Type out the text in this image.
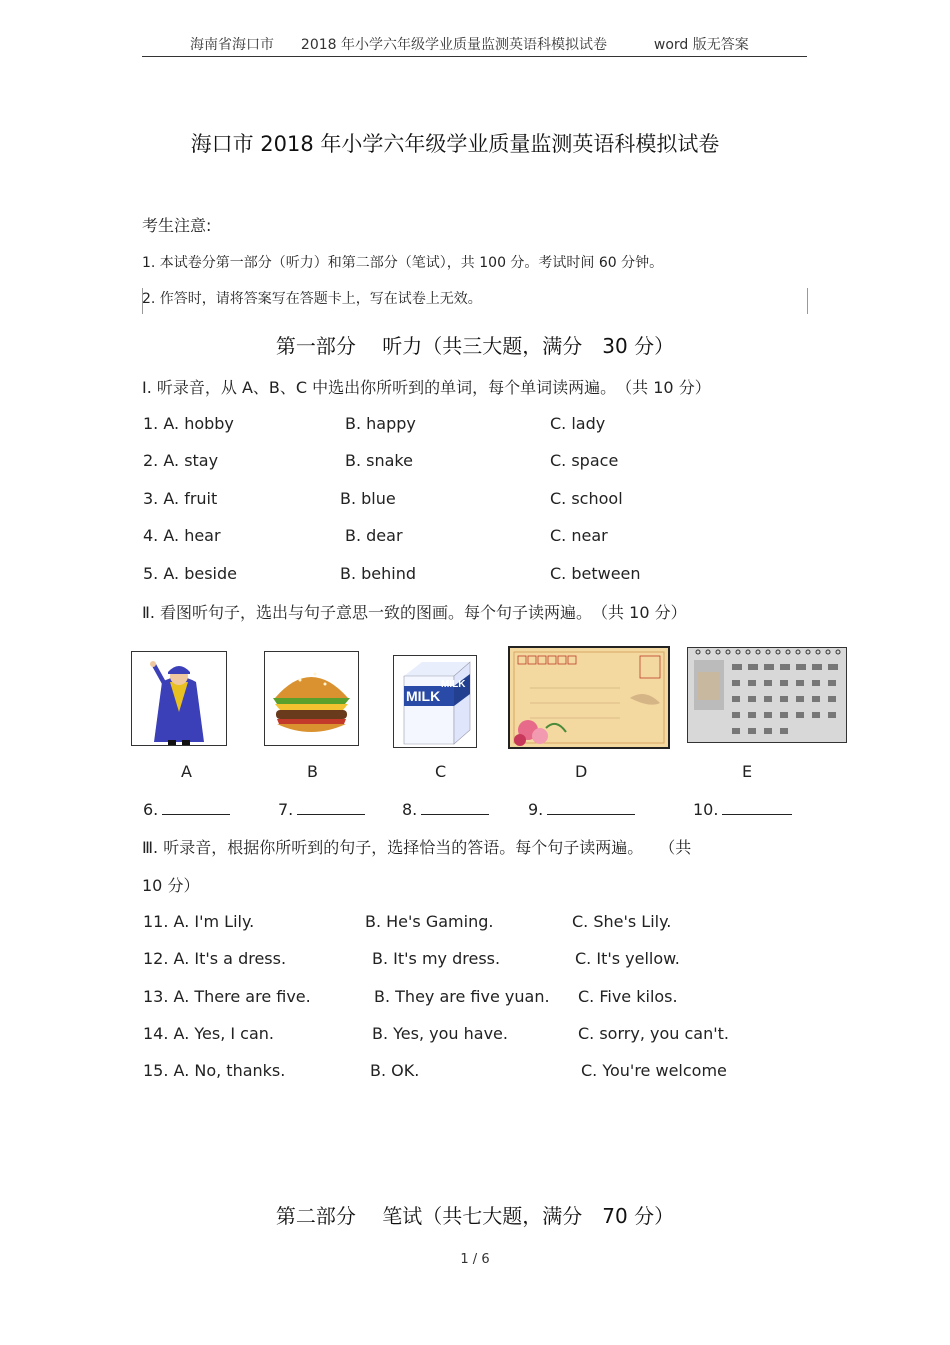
海南省海口市 2018 年小学六年级学业质量监测英语科模拟试卷	word 版无答案
海口市 2018 年小学六年级学业质量监测英语科模拟试卷
考生注意:
1. 本试卷分第一部分（听力）和第二部分（笔试），共 100 分。考试时间 60 分钟。
2. 作答时，请将答案写在答题卡上，写在试卷上无效。
第一部分　 听力（共三大题，满分　30 分）
Ⅰ. 听录音，从 A、B、C 中选出你所听到的单词，每个单词读两遍。　（共 10 分）
1. A. hobby	B. happy	C. lady
2. A. stay	B. snake	C. space
3. A. fruit	B. blue	C. school
4. A. hear	B. dear	C. near
5. A. beside	B. behind	C. between
Ⅱ. 看图听句子，选出与句子意思一致的图画。每个句子读两遍。　（共 10 分）
MILK
MILK
A	B	C	D	E
6.	7.	8.	9.	10.
Ⅲ. 听录音，根据你所听到的句子，选择恰当的答语。每个句子读两遍。　　（共
10 分）
11. A. I'm Lily.	B. He's Gaming.	C. She's Lily.
12. A. It's a dress.	B. It's my dress.	C. It's yellow.
13. A. There are five.	B. They are five yuan. C. Five kilos.
14. A. Yes, I can.	B. Yes, you have.	C. sorry, you can't.
15. A. No, thanks.	B. OK.	C. You're welcome
第二部分　 笔试（共七大题，满分　70 分）
1 / 6
